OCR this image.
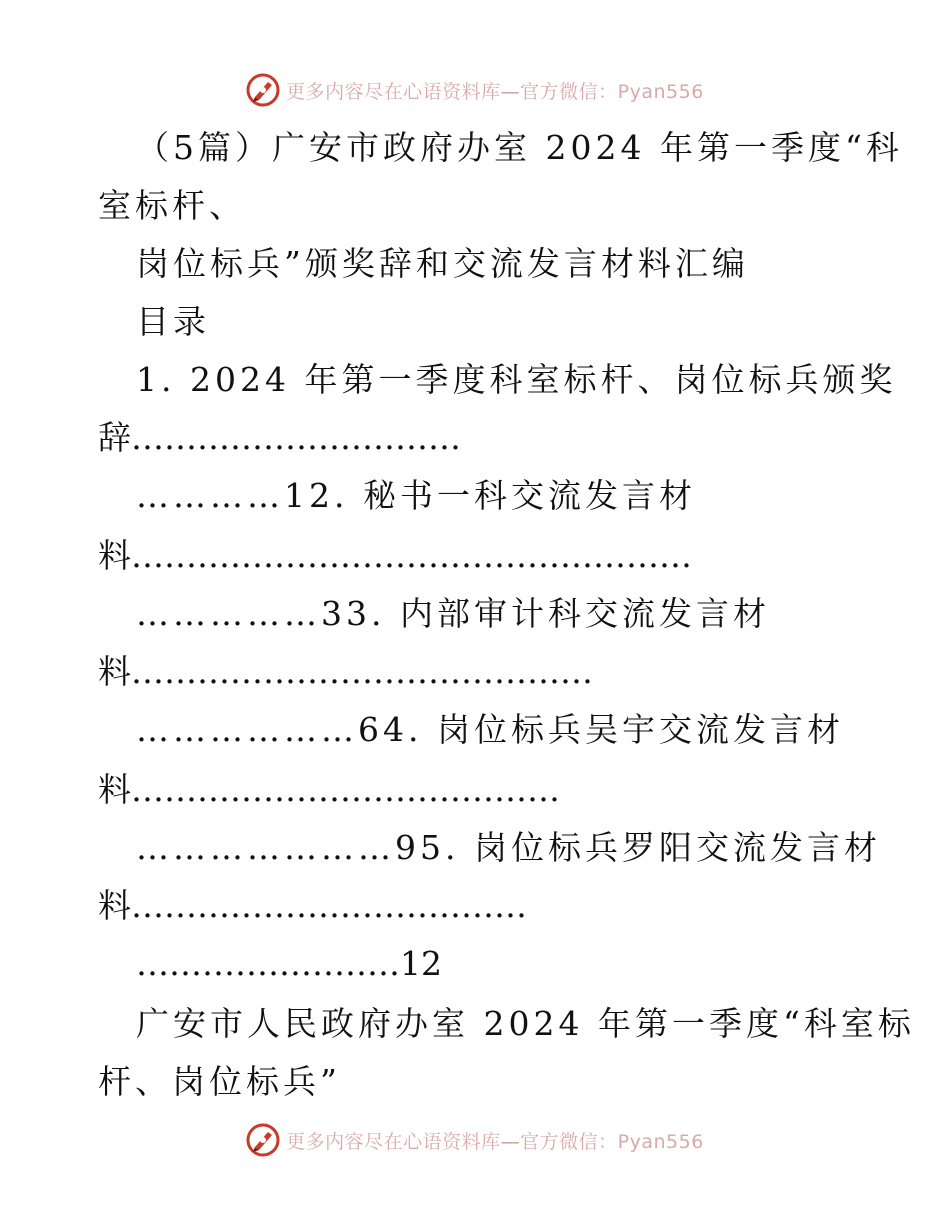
更多内容尽在心语资料库—官方微信：Pyan556
（5篇）广安市政府办室 2024 年第一季度“科
室标杆、
岗位标兵”颁奖辞和交流发言材料汇编
目录
1. 2024 年第一季度科室标杆、岗位标兵颁奖
辞…………………………
…………12. 秘书一科交流发言材
料……………………………………………
……………33. 内部审计科交流发言材
料……………………………………
………………64. 岗位标兵吴宇交流发言材
料…………………………………
…………………95. 岗位标兵罗阳交流发言材
料………………………………
……………………12
广安市人民政府办室 2024 年第一季度“科室标
杆、岗位标兵”
更多内容尽在心语资料库—官方微信：Pyan556
